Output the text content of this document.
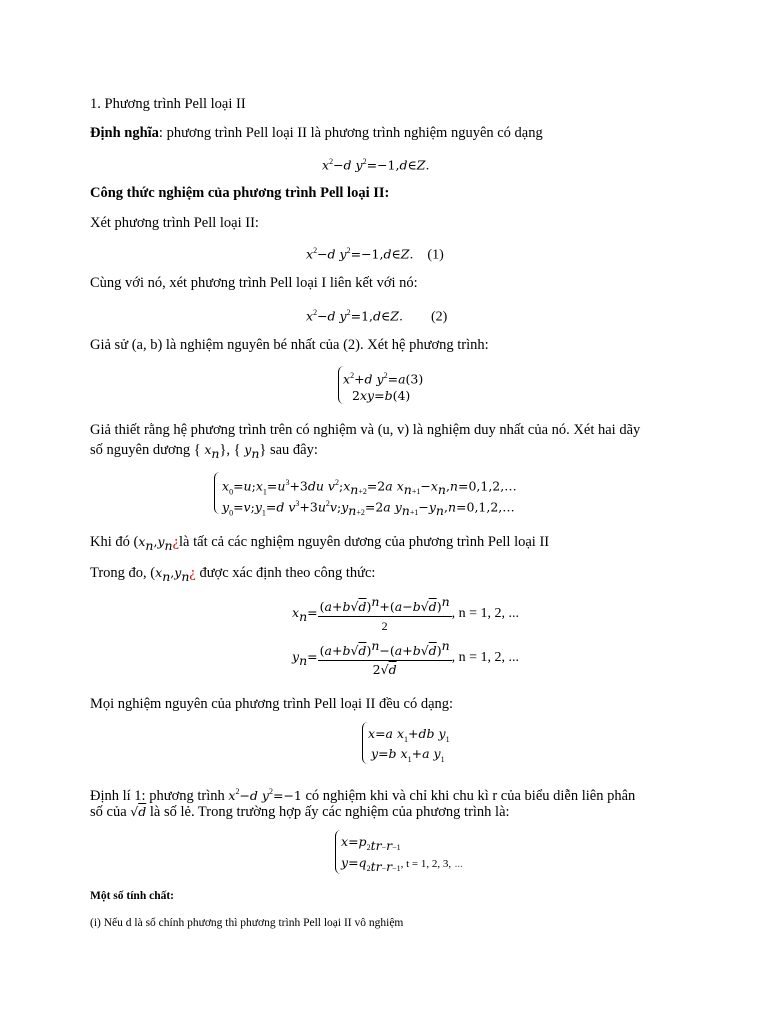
1. Phương trình Pell loại II
Định nghĩa: phương trình Pell loại II là phương trình nghiệm nguyên có dạng
$x^2-d$ $y^2=-1,d\in Z$.
Công thức nghiệm của phương trình Pell loại II:
Xét phương trình Pell loại II:
$x^2-d$ $y^2=-1,d\in Z$. (1)
Cùng với nó, xét phương trình Pell loại I liên kết với nó:
$x^2-d$ $y^2=1,d\in Z$. (2)
Giả sử (a, b) là nghiệm nguyên bé nhất của (2). Xét hệ phương trình:
$x^2+d$ $y^2=a(3)$
2xy=b(4)
Giả thiết rằng hệ phương trình trên có nghiệm và (u, v) là nghiệm duy nhất của nó. Xét hai dãy
số nguyên dương { $x_n$}, { $y_n$} sau đây:
$x_0=u;x_1=u^3+3du$ $v^2;x_{n+2}=2a$ $x_{n+1}-x_n,n=0,1,2,\dots$
$y_0=v;y_1=d$ $v^3+3u^2v;y_{n+2}=2a$ $y_{n+1}-y_n,n=0,1,2,\dots$
Khi đó ($x_n,y_n¿là$ tất cả các nghiệm nguyên dương của phương trình Pell loại II
Trong đo, ($x_n,y_n¿$ được xác định theo công thức:
$x_n= \frac{(a+b√d)^n+(a-b√d)^n}{2}$ , n = 1, 2, ...
$y_n= \frac{(a+b√d)^n-(a+b√d)^n}{2√d}$ , n = 1, 2, ...
Mọi nghiệm nguyên của phương trình Pell loại II đều có dạng:
x=a $x_1+db$ $y_1$
y=b $x_1+a$ $y_1$
Định lí 1: phương trình $x^2-d$ $y^2=-1$ có nghiệm khi và chỉ khi chu kì r của biểu diễn liên phân
số của √d là số lẻ. Trong trường hợp ấy các nghiệm của phương trình là:
$x=p_{2tr-r-1}$
$y=q_{2tr-r-1}$, t = 1, 2, 3, ...
Một số tính chất:
(i) Nếu d là số chính phương thì phương trình Pell loại II vô nghiệm
